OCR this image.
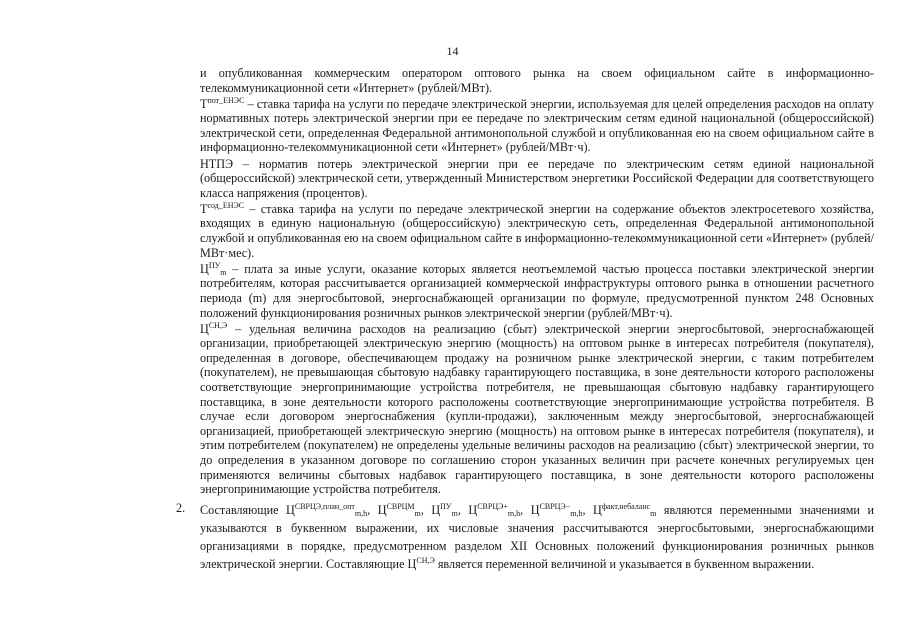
14

и опубликованная коммерческим оператором оптового рынка на своем официальном сайте в информационно-телекоммуникационной сети «Интернет» (рублей/МВт).

$Т^{пот\_ЕНЭС}$ – ставка тарифа на услуги по передаче электрической энергии, используемая для целей определения расходов на оплату нормативных потерь электрической энергии при ее передаче по электрическим сетям единой национальной (общероссийской) электрической сети, определенная Федеральной антимонопольной службой и опубликованная ею на своем официальном сайте в информационно-телекоммуникационной сети «Интернет» (рублей/МВт·ч).

НТПЭ – норматив потерь электрической энергии при ее передаче по электрическим сетям единой национальной (общероссийской) электрической сети, утвержденный Министерством энергетики Российской Федерации для соответствующего класса напряжения (процентов).

$Т^{сод\_ЕНЭС}$ – ставка тарифа на услуги по передаче электрической энергии на содержание объектов электросетевого хозяйства, входящих в единую национальную (общероссийскую) электрическую сеть, определенная Федеральной антимонопольной службой и опубликованная ею на своем официальном сайте в информационно-телекоммуникационной сети «Интернет» (рублей/МВт·мес).

$Ц^{ПУ}_m$ – плата за иные услуги, оказание которых является неотъемлемой частью процесса поставки электрической энергии потребителям, которая рассчитывается организацией коммерческой инфраструктуры оптового рынка в отношении расчетного периода (m) для энергосбытовой, энергоснабжающей организации по формуле, предусмотренной пунктом 248 Основных положений функционирования розничных рынков электрической энергии (рублей/МВт·ч).

$Ц^{СН,Э}$ – удельная величина расходов на реализацию (сбыт) электрической энергии энергосбытовой, энергоснабжающей организации, приобретающей электрическую энергию (мощность) на оптовом рынке в интересах потребителя (покупателя), определенная в договоре, обеспечивающем продажу на розничном рынке электрической энергии, с таким потребителем (покупателем), не превышающая сбытовую надбавку гарантирующего поставщика, в зоне деятельности которого расположены соответствующие энергопринимающие устройства потребителя, не превышающая сбытовую надбавку гарантирующего поставщика, в зоне деятельности которого расположены соответствующие энергопринимающие устройства потребителя. В случае если договором энергоснабжения (купли-продажи), заключенным между энергосбытовой, энергоснабжающей организацией, приобретающей электрическую энергию (мощность) на оптовом рынке в интересах потребителя (покупателя), и этим потребителем (покупателем) не определены удельные величины расходов на реализацию (сбыт) электрической энергии, то до определения в указанном договоре по соглашению сторон указанных величин при расчете конечных регулируемых цен применяются величины сбытовых надбавок гарантирующего поставщика, в зоне деятельности которого расположены энергопринимающие устройства потребителя.

2. Составляющие $Ц^{СВРЦЭ,план\_опт}_{m,h}$, $Ц^{СВРЦМ}_m$, $Ц^{ПУ}_m$, $Ц^{СВРЦЭ+}_{m,h}$, $Ц^{СВРЦЭ-}_{m,h}$, $Ц^{факт,небаланс}_m$ являются переменными значениями и указываются в буквенном выражении, их числовые значения рассчитываются энергосбытовыми, энергоснабжающими организациями в порядке, предусмотренном разделом XII Основных положений функционирования розничных рынков электрической энергии. Составляющие $Ц^{СН,Э}$ является переменной величиной и указывается в буквенном выражении.
